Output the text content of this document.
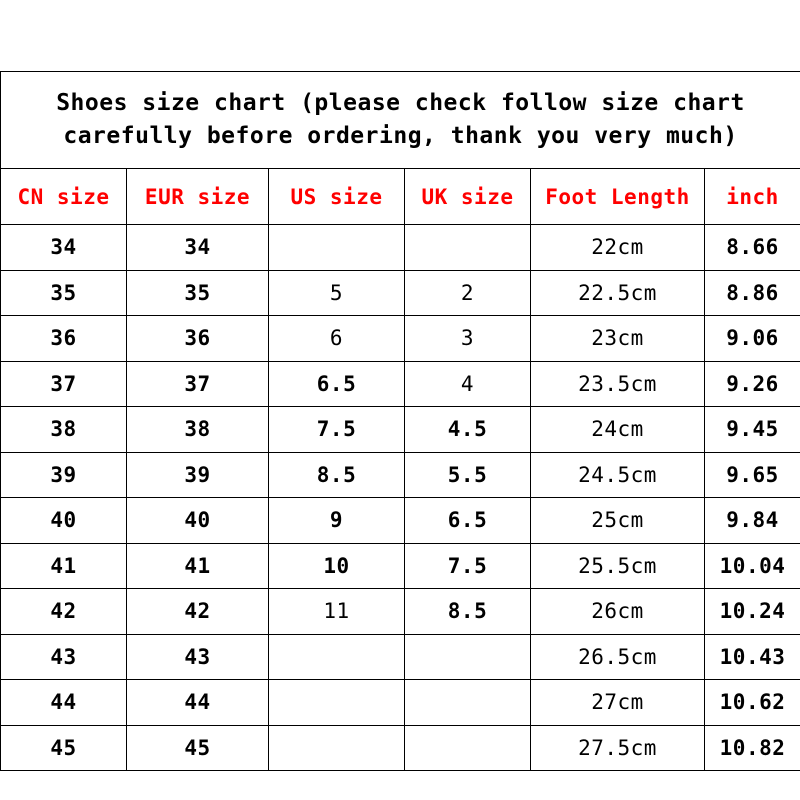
Shoes size chart (please check follow size chart carefully before ordering, thank you very much)					
CN size	EUR size	US size	UK size	Foot Length	inch
34	34			22cm	8.66
35	35	5	2	22.5cm	8.86
36	36	6	3	23cm	9.06
37	37	6.5	4	23.5cm	9.26
38	38	7.5	4.5	24cm	9.45
39	39	8.5	5.5	24.5cm	9.65
40	40	9	6.5	25cm	9.84
41	41	10	7.5	25.5cm	10.04
42	42	11	8.5	26cm	10.24
43	43			26.5cm	10.43
44	44			27cm	10.62
45	45			27.5cm	10.82
